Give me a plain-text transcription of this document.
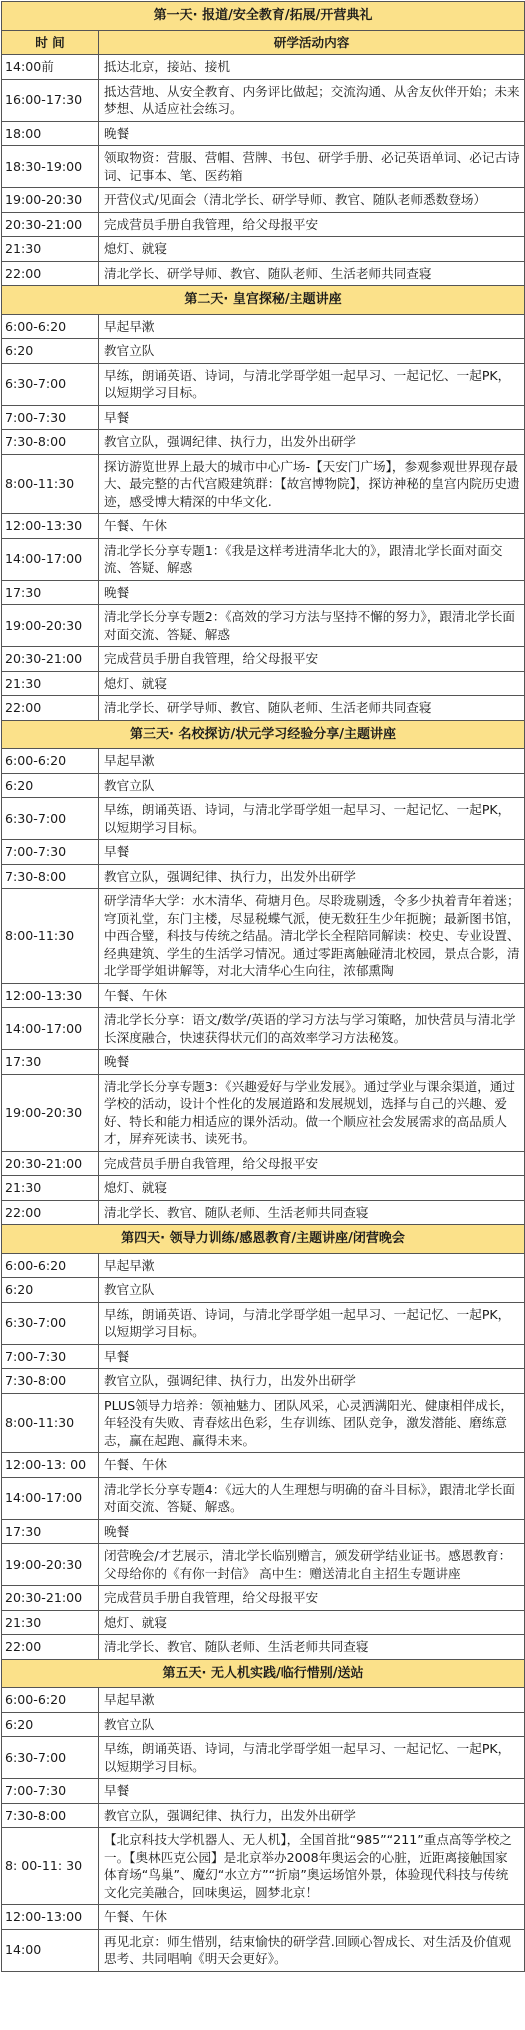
第一天· 报道/安全教育/拓展/开营典礼	
时 间	研学活动内容
14:00前	抵达北京，接站、接机
16:00-17:30	抵达营地、从安全教育、内务评比做起；交流沟通、从舍友伙伴开始；未来梦想、从适应社会练习。
18:00	晚餐
18:30-19:00	领取物资：营服、营帽、营牌、书包、研学手册、必记英语单词、必记古诗词、记事本、笔、医药箱
19:00-20:30	开营仪式/见面会（清北学长、研学导师、教官、随队老师悉数登场）
20:30-21:00	完成营员手册自我管理，给父母报平安
21:30	熄灯、就寝
22:00	清北学长、研学导师、教官、随队老师、生活老师共同查寝
第二天· 皇宫探秘/主题讲座	
6:00-6:20	早起早漱
6:20	教官立队
6:30-7:00	早练，朗诵英语、诗词，与清北学哥学姐一起早习、一起记忆、一起PK，以短期学习目标。
7:00-7:30	早餐
7:30-8:00	教官立队，强调纪律、执行力，出发外出研学
8:00-11:30	探访游览世界上最大的城市中心广场-【天安门广场】，参观参观世界现存最大、最完整的古代宫殿建筑群：【故宫博物院】，探访神秘的皇宫内院历史遗迹，感受博大精深的中华文化.
12:00-13:30	午餐、午休
14:00-17:00	清北学长分享专题1：《我是这样考进清华北大的》，跟清北学长面对面交流、答疑、解惑
17:30	晚餐
19:00-20:30	清北学长分享专题2：《高效的学习方法与坚持不懈的努力》，跟清北学长面对面交流、答疑、解惑
20:30-21:00	完成营员手册自我管理，给父母报平安
21:30	熄灯、就寝
22:00	清北学长、研学导师、教官、随队老师、生活老师共同查寝
第三天· 名校探访/状元学习经验分享/主题讲座	
6:00-6:20	早起早漱
6:20	教官立队
6:30-7:00	早练，朗诵英语、诗词，与清北学哥学姐一起早习、一起记忆、一起PK，以短期学习目标。
7:00-7:30	早餐
7:30-8:00	教官立队，强调纪律、执行力，出发外出研学
8:00-11:30	研学清华大学：水木清华、荷塘月色。尽聆珑剔透，令多少执着青年着迷；穹顶礼堂，东门主楼，尽显税蝶气派，使无数狂生少年扼腕；最新图书馆，中西合璧，科技与传统之结晶。清北学长全程陪同解读：校史、专业设置、经典建筑、学生的生活学习情况。通过零距离触碰清北校园，景点合影，清北学哥学姐讲解等，对北大清华心生向往，浓郁熏陶
12:00-13:30	午餐、午休
14:00-17:00	清北学长分享：语文/数学/英语的学习方法与学习策略，加快营员与清北学长深度融合，快速获得状元们的高效率学习方法秘笈。
17:30	晚餐
19:00-20:30	清北学长分享专题3：《兴趣爱好与学业发展》。通过学业与课余渠道，通过学校的活动，设计个性化的发展道路和发展规划，选择与自己的兴趣、爱好、特长和能力相适应的课外活动。做一个顺应社会发展需求的高品质人才，屏弃死读书、读死书。
20:30-21:00	完成营员手册自我管理，给父母报平安
21:30	熄灯、就寝
22:00	清北学长、教官、随队老师、生活老师共同查寝
第四天· 领导力训练/感恩教育/主题讲座/闭营晚会	
6:00-6:20	早起早漱
6:20	教官立队
6:30-7:00	早练，朗诵英语、诗词，与清北学哥学姐一起早习、一起记忆、一起PK，以短期学习目标。
7:00-7:30	早餐
7:30-8:00	教官立队，强调纪律、执行力，出发外出研学
8:00-11:30	PLUS领导力培养：领袖魅力、团队风采，心灵洒满阳光、健康相伴成长，年轻没有失败、青春炫出色彩，生存训练、团队竞争，激发潜能、磨练意志，赢在起跑、赢得未来。
12:00-13: 00	午餐、午休
14:00-17:00	清北学长分享专题4：《远大的人生理想与明确的奋斗目标》，跟清北学长面对面交流、答疑、解惑。
17:30	晚餐
19:00-20:30	闭营晚会/才艺展示，清北学长临别赠言，颁发研学结业证书。感恩教育：父母给你的《有你一封信》 高中生：赠送清北自主招生专题讲座
20:30-21:00	完成营员手册自我管理，给父母报平安
21:30	熄灯、就寝
22:00	清北学长、教官、随队老师、生活老师共同查寝
第五天· 无人机实践/临行惜别/送站	
6:00-6:20	早起早漱
6:20	教官立队
6:30-7:00	早练，朗诵英语、诗词，与清北学哥学姐一起早习、一起记忆、一起PK，以短期学习目标。
7:00-7:30	早餐
7:30-8:00	教官立队，强调纪律、执行力，出发外出研学
8: 00-11: 30	【北京科技大学机器人、无人机】，全国首批“985”“211”重点高等学校之一。【奥林匹克公园】是北京举办2008年奥运会的心脏，近距离接触国家体育场“鸟巢”、魔幻“水立方”“折扇”奥运场馆外景，体验现代科技与传统文化完美融合，回味奥运，圆梦北京！
12:00-13:00	午餐、午休
14:00	再见北京：师生惜别，结束愉快的研学营.回顾心智成长、对生活及价值观思考、共同唱响《明天会更好》。
